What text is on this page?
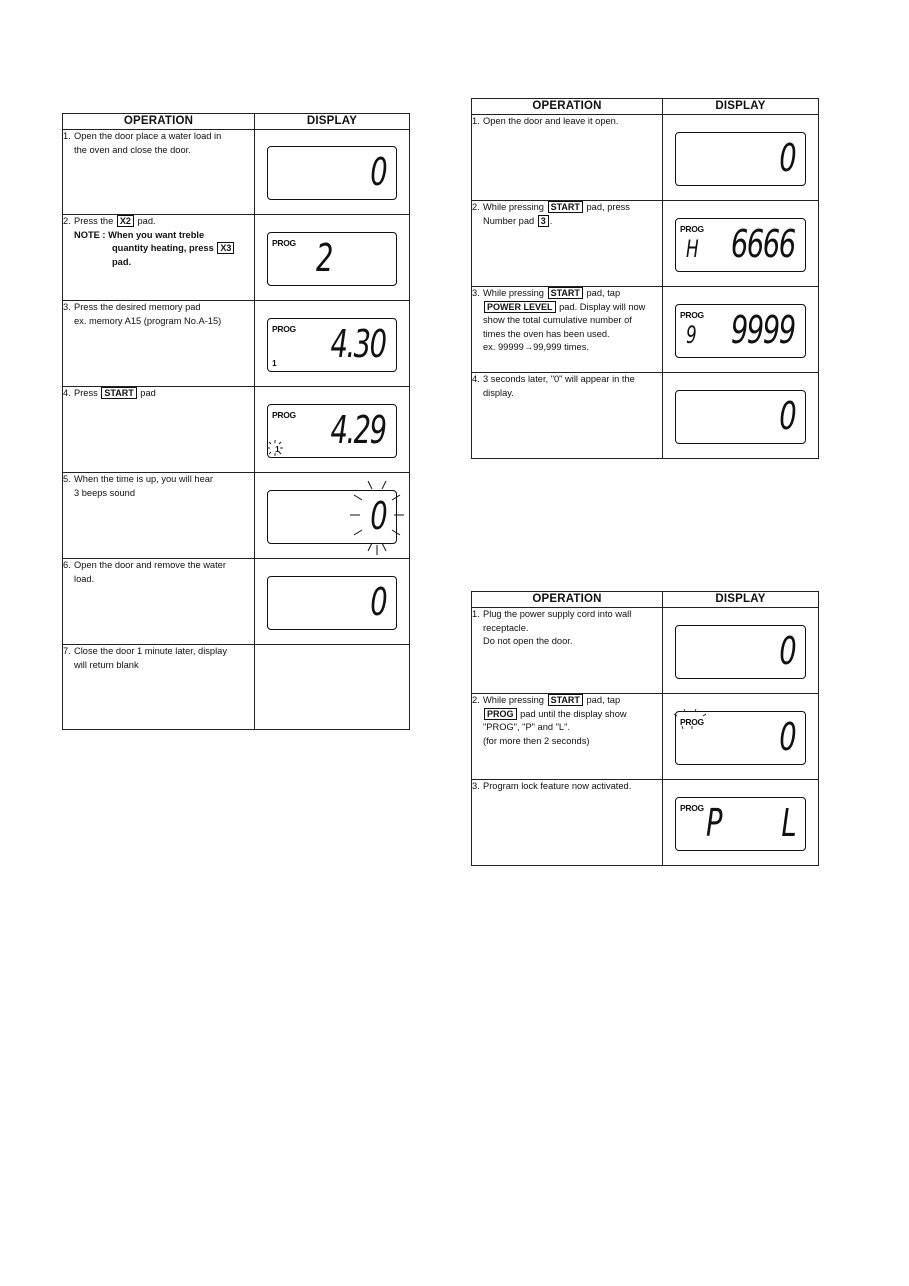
OPERATION	DISPLAY
1. Open the door place a water load in
the oven and close the door.	0

2. Press the X2 pad.
NOTE : When you want treble
quantity heating, press X3
pad.	PROG 2

3. Press the desired memory pad
ex. memory A15 (program No.A-15)	PROG 4.30
1

4. Press START pad	PROG 4.29
1

5. When the time is up, you will hear
3 beeps sound	0

6. Open the door and remove the water
load.	0

7. Close the door 1 minute later, display
will return blank	

OPERATION	DISPLAY
1. Open the door and leave it open.	0

2. While pressing START pad, press
Number pad 3 .	PROG
H 6666

3. While pressing START pad, tap
POWER LEVEL pad. Display will now
show the total cumulative number of
times the oven has been used.
ex. 99999→99,999 times.	PROG
9 9999

4. 3 seconds later, "0" will appear in the
display.	0
OPERATION	DISPLAY
1. Plug the power supply cord into wall
receptacle.
Do not open the door.	0

2. While pressing START pad, tap
PROG pad until the display show
"PROG", "P" and "L".
(for more then 2 seconds)	PROG 0

3. Program lock feature now activated.	PROG P L
